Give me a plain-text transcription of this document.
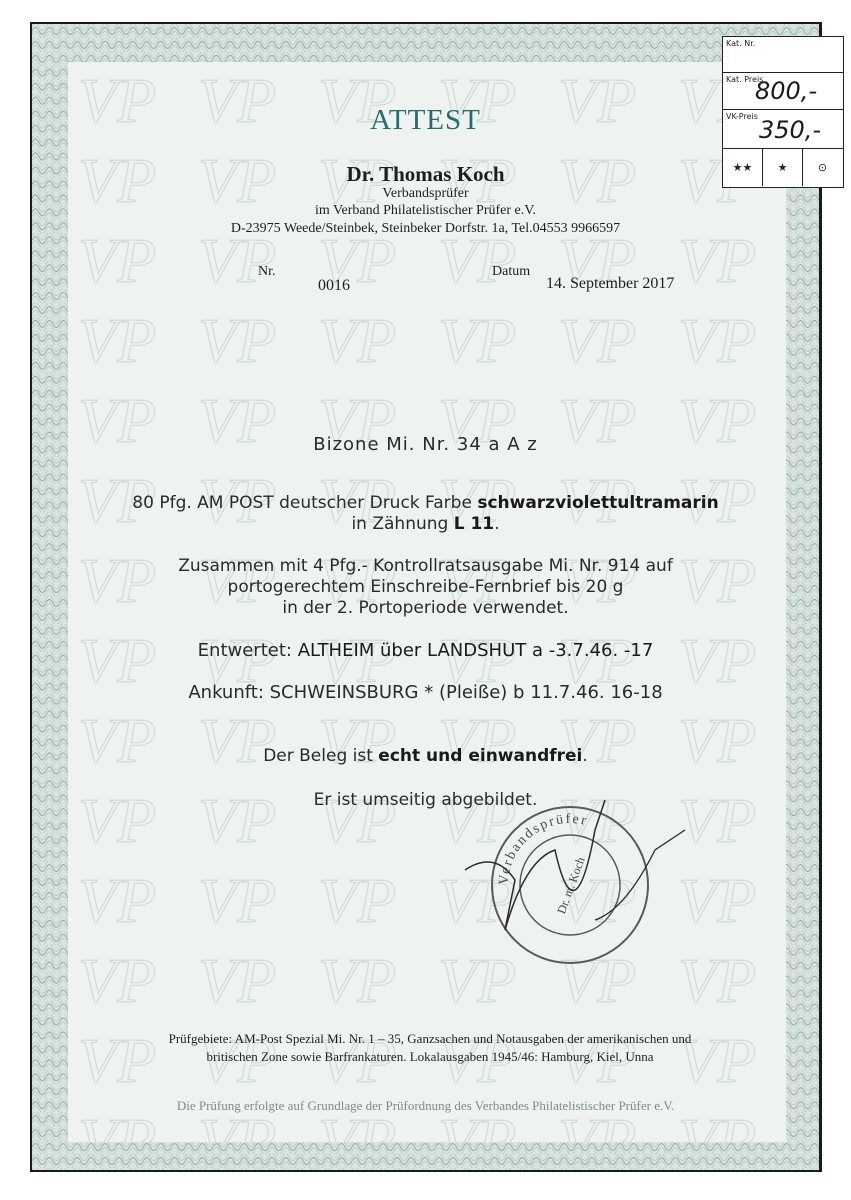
ATTEST
Dr. Thomas Koch
Verbandsprüfer
im Verband Philatelistischer Prüfer e.V.
D-23975 Weede/Steinbek, Steinbeker Dorfstr. 1a, Tel.04553 9966597
Nr.
0016
Datum
14. September 2017
Bizone Mi. Nr. 34 a A z
80 Pfg. AM POST deutscher Druck Farbe schwarzviolettultramarin
in Zähnung L 11.
Zusammen mit 4 Pfg.- Kontrollratsausgabe Mi. Nr. 914 auf
portogerechtem Einschreibe-Fernbrief bis 20 g
in der 2. Portoperiode verwendet.
Entwertet: ALTHEIM über LANDSHUT a -3.7.46. -17
Ankunft: SCHWEINSBURG * (Pleiße) b 11.7.46. 16-18
Der Beleg ist echt und einwandfrei.
Er ist umseitig abgebildet.
Verbandsprüfer
Dr. m. Koch
Prüfgebiete: AM-Post Spezial Mi. Nr. 1 – 35, Ganzsachen und Notausgaben der amerikanischen und
britischen Zone sowie Barfrankaturen. Lokalausgaben 1945/46: Hamburg, Kiel, Unna
Die Prüfung erfolgte auf Grundlage der Prüfordnung des Verbandes Philatelistischer Prüfer e.V.
Kat. Nr.
Kat. Preis
800,-
VK-Preis 350,-
★★	★	⊙
